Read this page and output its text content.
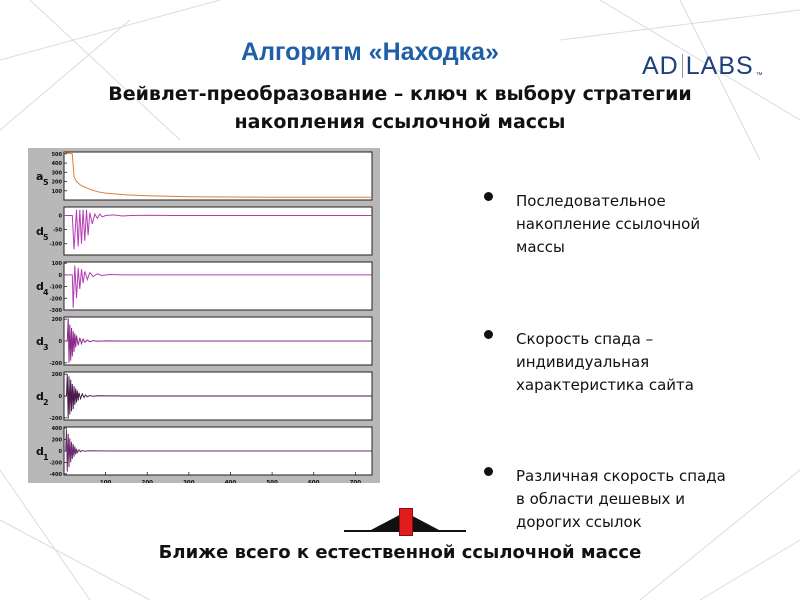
Алгоритм «Находка»	AD LABS ™
Вейвлет-преобразование – ключ к выбору стратегии
накопления ссылочной массы
500
400
300
200
100
a 5
0
-50
-100
d 5
100
0
-100
-200
-300
d 4
200
0
-200
d 3
200
0
-200
d 2
400
200
0
-200
-400
d 1
100	200	300	400	500	600	700
Последовательное
накопление ссылочной
массы
Скорость спада –
индивидуальная
характеристика сайта
Различная скорость спада
в области дешевых и
дорогих ссылок
Ближе всего к естественной ссылочной массе
